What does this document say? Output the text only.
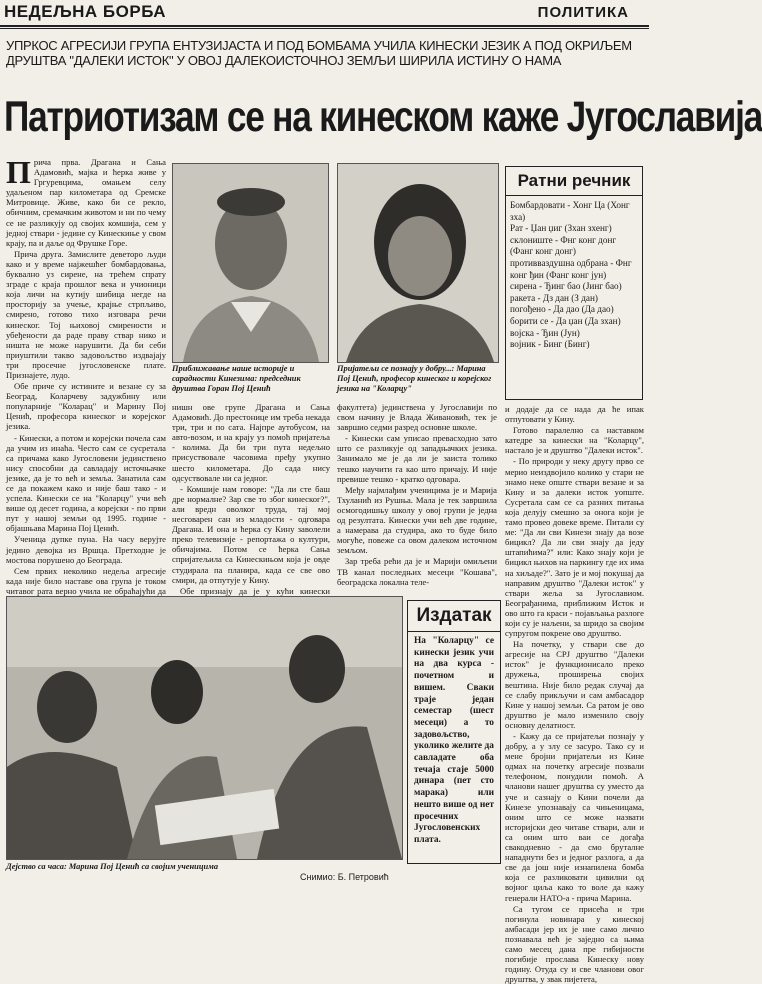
НЕДЕЉНА БОРБА	ПОЛИТИКА
УПРКОС АГРЕСИЈИ ГРУПА ЕНТУЗИЈАСТА И ПОД БОМБАМА УЧИЛА КИНЕСКИ ЈЕЗИК А ПОД ОКРИЉЕМ ДРУШТВА "ДАЛЕКИ ИСТОК" У ОВОЈ ДАЛЕКОИСТОЧНОЈ ЗЕМЉИ ШИРИЛА ИСТИНУ О НАМА
Патриотизам се на кинеском каже Југославија
П рича прва. Драгана и Сања Адамовић, мајка и ћерка живе у Гргуревцима, омањем селу удаљеном пар километара од Сремске Митровице. Живе, како би се рекло, обичним, сремачким животом и ни по чему се не разликују од својих комшија, сем у једној ствари - једине су Кинескиње у свом крају, па и даље од Фрушке Горе.

Прича друга. Замислите деветоро људи како и у време најжешћег бомбардовања, буквално уз сирене, на трећем спрату зграде с краја прошлог века и учионици која личи на кутију шибица негде на просторију за учење, крајње стрпљиво, смирено, готово тихо изговара речи кинеског. Тој њиховој смирености и убеђености да раде праву ствар нико и ништа не може нарушити. Да би себи приуштили такво задовољство издвајају три просечне југословенске плате. Признајете, лудо.

Обе приче су истините и везане су за Београд, Коларчеву задужбину или популарније "Коларац" и Марину Пој Ценић, професора кинеског и корејског језика.

- Кинески, а потом и корејски почела сам да учим из инаћа. Често сам се сусретала са причама како Југословени јединствено нису способни да савладају источњачке језике, да је то већ и земља. Занатила сам се да покажем како и није баш тако - и успела. Кинески се на "Коларцу" учи већ више од десет година, а корејски - по први пут у нашој земљи од 1995. године - објашњава Марина Пој Ценић.

Ученица дупке пуна. На часу верујте једино девојка из Вршца. Претходне је мостова порушено до Београда.

Сем првих неколико недеља агресије када није било наставе ова група је током читавог рата верно учила не обраћајући да

Приближавање наше историје и сарадности Кинезима: председник друштва Горан Пој Ценић
Пријатељи се познају у добру...: Марина Пој Ценић, професор кинеског и корејског језика на "Коларцу"

нишн ове групе Драгана и Сања Адамовић. До престонице им треба некада три, три и по сата. Најпре аутобусом, на авто-возом, и на крају уз помоћ пријатеља - колима. Да би три пута недељно присуствовале часовима пређу укупно шесто километара. До сада нису одсуствовале ни са једног.

- Комшије нам говоре: "Да ли сте баш дре нормалне? Зар све то због кинеског?", али вредн оволког труда, тај мој несговарен сан из младости - одговара Драгана. И она и ћерка су Кину заволели преко телевизије - репортажа о култури, обичајима. Потом се ћерка Сања спријатељила са Кинескињом која је овде студирала па планира, када се све ово смири, да отпутује у Кину.

Обе признају да је у кући кинески

факултета) јединствена у Југославији по свом начину је Влада Живановић, тек је завршио седми разред основне школе.

- Кинески сам уписао превасходно зато што се разликује од западњачких језика. Занимало ме је да ли је заиста толико тешко научити га као што причају. И није превише тешко - кратко одговара.

Међу најмлађим ученицима је и Марија Тхуланић из Рушња. Мала је тек завршила осмогодишњу школу у овој групи је једна од резултата. Кинески учи већ две године, а намерава да студира, ако то буде било могуће, повеже са овом далеком источном земљом.

Зар треба рећи да је и Марији омиљени ТВ канал последњих месеци "Кошава", београдска локална теле-

Ратни речник
Бомбардовати - Хонг Ца (Хонг зха)
Рат - Џан џиг (Зхан зхенг)
склониште - Фнг конг донг (Фанг конг донг)
противваздушна одбрана - Фнг конг ђин (Фанг конг јун)
сирена - Ђинг бао (Јинг бао)
ракета - Дз дан (З дан)
погођено - Да дао (Да дао)
борити се - Да џан (Да зхан)
војска - Ђин (Јун)
војник - Бинг (Бинг)

и додаје да се нада да ће ипак отпутовати у Кину.

Готово паралелно са наставком катедре за кинески на "Коларцу", настало је и друштво "Далеки исток".

- По природи у неку другу прво се мерио неиздвојило колико у стари не знамо неке опште ствари везане и за Кину и за далеки исток уопште. Сусретала сам се са разних питања која делују смешно за онога који је тамо провео довеке време. Питали су ме: "Да ли сви Кинези знају да возе бицикл? Да ли сви знају да једу штапићима?" или: Како знају који је бицикл њихов на паркингу где их има на хиљаде?". Зато је и мој покушај да направим друштво "Далеки исток" у ствари жеља за Југославиом. Београђанима, приближим Исток и ово што га краси - појављања разлоге који су је наљени, за шридо за својим супругом покрене ово друштво.

На почетку, у ствари све до агресије на СРЈ друштво "Далеки исток" је функционисало преко дружења, проширења својих вештина. Није било редак случај да се слабу прикључи и сам амбасадор Кине у нашој земљи. Са ратом је ово друштво је мало изменило своју основну делатност.

- Кажу да се пријатељи познају у добру, а у злу се засуро. Тако су и мене бројни пријатељи из Кине одмах на почетку агресије позвали телефоном, понудили помоћ. А чланови нашег друштва су уместо да уче и сазнају о Кини почели да Кинезе упознавају са чињеницама, оним што се може назвати историјски део читаве ствари, али и са оним што ваи се догађа свакодневно - да смо бруталне нападнути без и једног разлога, а да све да још није изнапилена бомба која се разликовати цивилни од војног циља како то воле да кажу генерали НАТО-а - прича Марина.

Са тугом се присећа и три погинула новинара у кинеској амбасади јер их је ние само лично познавала већ је заједно са њима само месец дана пре гибијности погибије прослава Кинеску нову годину. Отуда су и све чланови овог друштва, у звак пијетета,

Дејство са часа: Марина Пој Ценић са својим ученицима
Снимио: Б. Петровић
Издатак
На "Коларцу" се кинески језик учи на два курса - почетном и вишем. Сваки траје један семестар (шест месеци) а то задовољство, уколико желите да савладате оба течаја стаје 5000 динара (пет сто марака) или нешто више од нет просечних Југословенских плата.
